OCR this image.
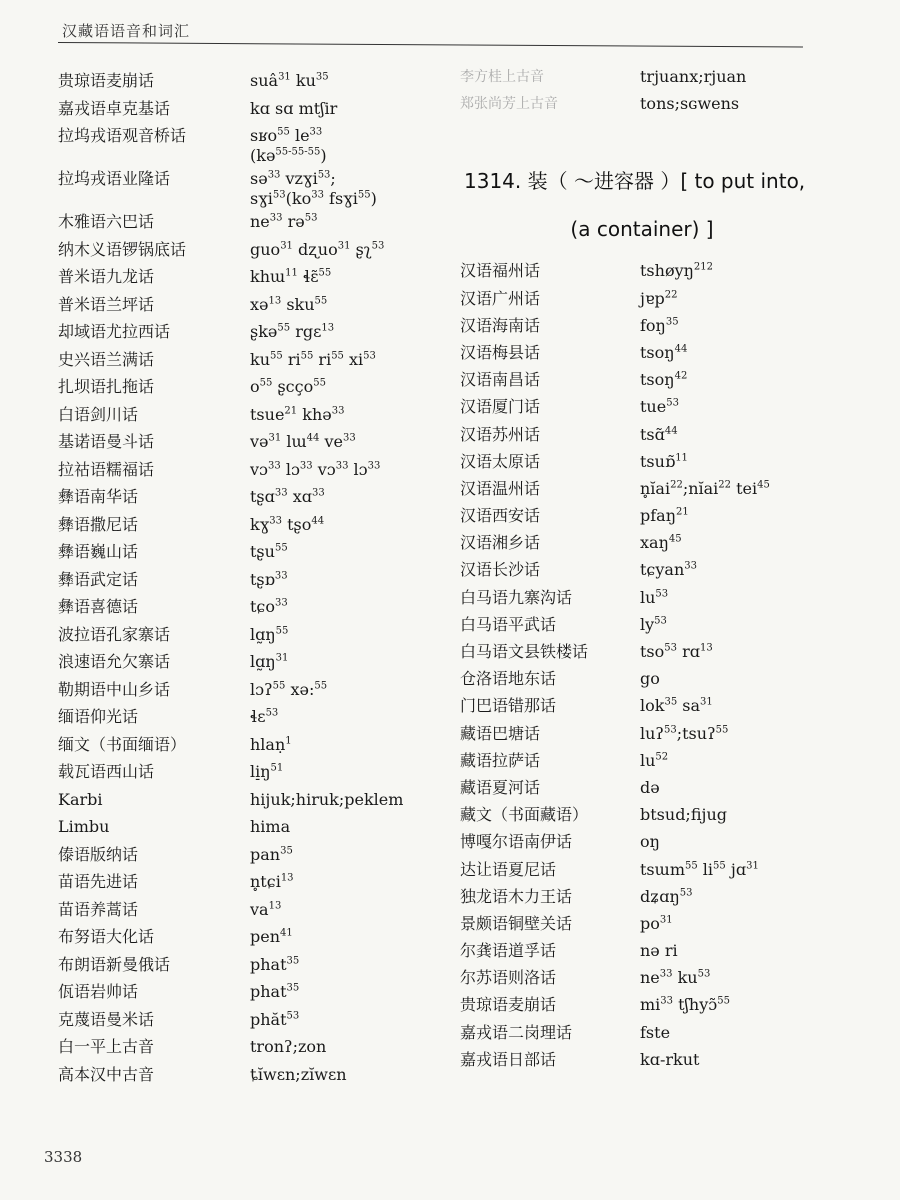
汉藏语语音和词汇
贵琼语麦崩话	suâ$^{31}$ $ku^{35}$
嘉戎语卓克基话	kɑ sɑ mtʃir
拉坞戎语观音桥话	sʁo$^{55}$ $le^{33}$
(kə$^{55-55-55}$)
拉坞戎语业隆话	sə$^{33}$ vzɣi$^{53}$;
$sɣi^{53}(ko^{33}$ fsɣi$^{55}$)
木雅语六巴话	$ne^{33}$ rə$^{53}$
纳木义语锣锅底话	guo$^{31}$ dʐuo$^{31}$ ʂʅ$^{53}$
普米语九龙话	khɯ$^{11}$ ɬɛ̃$^{55}$
普米语兰坪话	xə$^{13}$ sku$^{55}$
却域语尤拉西话	ʂkə$^{55}$ rgɛ$^{13}$
史兴语兰满话	$ku^{55}$ $ri^{55}$ $ri^{55}$ $xi^{53}$
扎坝语扎拖话	$o^{55}$ ʂcço$^{55}$
白语剑川话	tsue$^{21}$ khə$^{33}$
基诺语曼斗话	və$^{31}$ lɯ$^{44}$ $ve^{33}$
拉祜语糯福话	vɔ$^{33}$ lɔ$^{33}$ vɔ$^{33}$ lɔ$^{33}$
彝语南华话	tʂɑ$^{33}$ xɑ$^{33}$
彝语撒尼话	kɣ$^{33}$ tʂo$^{44}$
彝语巍山话	tʂu$^{55}$
彝语武定话	tʂɒ$^{33}$
彝语喜德话	tɕo$^{33}$
波拉语孔家寨话	$lɑ̰ŋ^{55}$
浪速语允欠寨话	$lɑ̰ŋ^{31}$
勒期语中山乡话	lɔʔ$^{55}$ xə:$^{55}$
缅语仰光话	ɬɛ$^{53}$
缅文（书面缅语）	hlaṇ$^1$
载瓦语西山话	$li̠ŋ^{51}$
Karbi	hijuk;hiruk;peklem
Limbu	hima
傣语版纳话	pan$^{35}$
苗语先进话	n̥tɕi$^{13}$
苗语养蒿话	$va^{13}$
布努语大化话	pen$^{41}$
布朗语新曼俄话	phat$^{35}$
佤语岩帅话	phat$^{35}$
克蔑语曼米话	phăt$^{53}$
白一平上古音	tronʔ;zon
高本汉中古音	ȶĭwɛn;zĭwɛn
李方桂上古音	trjuanx;rjuan
郑张尚芳上古音	tons;sɢwens
1314. 装（ ～进容器 ）[ to put into,
(a container) ]
汉语福州话	tshøyŋ$^{212}$
汉语广州话	jɐp$^{22}$
汉语海南话	foŋ$^{35}$
汉语梅县话	tsoŋ$^{44}$
汉语南昌话	tsoŋ$^{42}$
汉语厦门话	tue$^{53}$
汉语苏州话	tsɑ̃$^{44}$
汉语太原话	tsuɒ̃$^{11}$
汉语温州话	n̥ĭai$^{22}$;nĭai$^{22}$ tei$^{45}$
汉语西安话	pfaŋ$^{21}$
汉语湘乡话	xaŋ$^{45}$
汉语长沙话	tɕyan$^{33}$
白马语九寨沟话	$lu^{53}$
白马语平武话	$ly^{53}$
白马语文县铁楼话	tso$^{53}$ rɑ$^{13}$
仓洛语地东话	go
门巴语错那话	lok$^{35}$ $sa^{31}$
藏语巴塘话	luʔ$^{53}$;tsuʔ$^{55}$
藏语拉萨话	$lu^{52}$
藏语夏河话	də
藏文（书面藏语）	btsud;fijug
博嘎尔语南伊话	oŋ
达让语夏尼话	tsɯm$^{55}$ $li^{55}$ jɑ$^{31}$
独龙语木力王话	dʑɑŋ$^{53}$
景颇语铜壁关话	$po^{31}$
尔龚语道孚话	nə ri
尔苏语则洛话	$ne^{33}$ $ku^{53}$
贵琼语麦崩话	$mi^{33}$ tʃhyɔ̃$^{55}$
嘉戎语二岗理话	fste
嘉戎语日部话	kɑ-rkut
3338
